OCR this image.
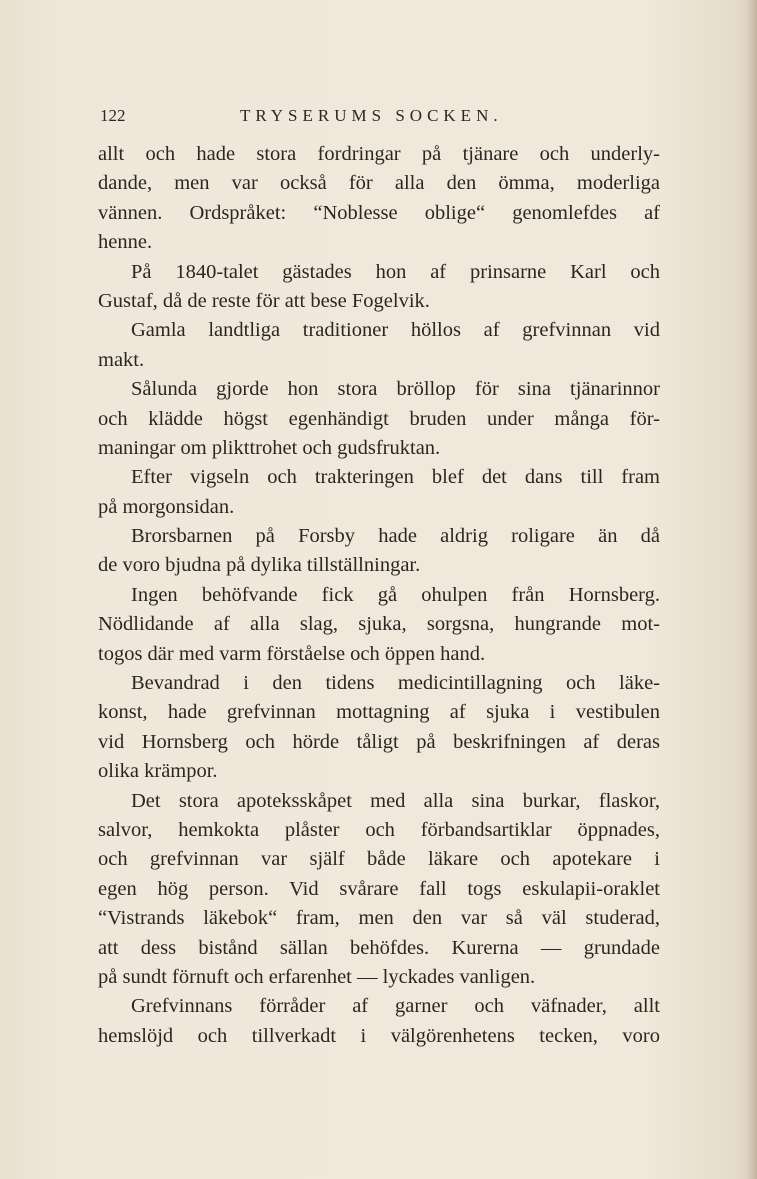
122	TRYSERUMS SOCKEN.
allt och hade stora fordringar på tjänare och underly-
dande, men var också för alla den ömma, moderliga
vännen. Ordspråket: “Noblesse oblige“ genomlefdes af
henne.
På 1840-talet gästades hon af prinsarne Karl och
Gustaf, då de reste för att bese Fogelvik.
Gamla landtliga traditioner höllos af grefvinnan vid
makt.
Sålunda gjorde hon stora bröllop för sina tjänarinnor
och klädde högst egenhändigt bruden under många för-
maningar om plikttrohet och gudsfruktan.
Efter vigseln och trakteringen blef det dans till fram
på morgonsidan.
Brorsbarnen på Forsby hade aldrig roligare än då
de voro bjudna på dylika tillställningar.
Ingen behöfvande fick gå ohulpen från Hornsberg.
Nödlidande af alla slag, sjuka, sorgsna, hungrande mot-
togos där med varm förståelse och öppen hand.
Bevandrad i den tidens medicintillagning och läke-
konst, hade grefvinnan mottagning af sjuka i vestibulen
vid Hornsberg och hörde tåligt på beskrifningen af deras
olika krämpor.
Det stora apoteksskåpet med alla sina burkar, flaskor,
salvor, hemkokta plåster och förbandsartiklar öppnades,
och grefvinnan var själf både läkare och apotekare i
egen hög person. Vid svårare fall togs eskulapii-oraklet
“Vistrands läkebok“ fram, men den var så väl studerad,
att dess bistånd sällan behöfdes. Kurerna — grundade
på sundt förnuft och erfarenhet — lyckades vanligen.
Grefvinnans förråder af garner och väfnader, allt
hemslöjd och tillverkadt i välgörenhetens tecken, voro
